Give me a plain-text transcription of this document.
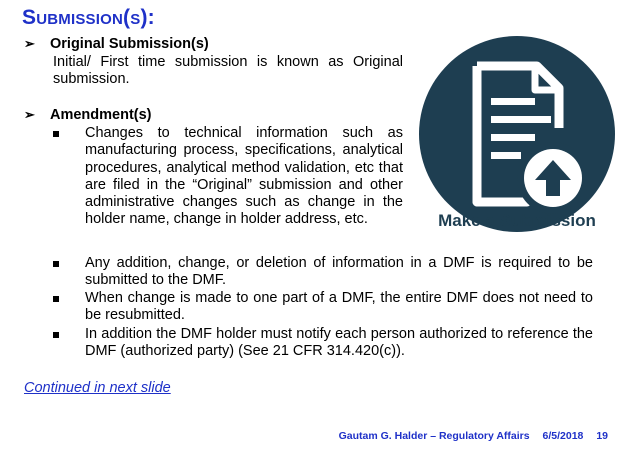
SUBMISSION(S):
➢	Original Submission(s)
Initial/ First time submission is known as Original submission.
➢	Amendment(s)
Changes to technical information such as manufacturing process, specifications, analytical procedures, analytical method validation, etc that are filed in the “Original” submission and other administrative changes such as change in the holder name, change in holder address, etc.
Any addition, change, or deletion of information in a DMF is required to be submitted to the DMF.
When change is made to one part of a DMF, the entire DMF does not need to be resubmitted.
In addition the DMF holder must notify each person authorized to reference the DMF (authorized party) (See 21 CFR 314.420(c)).
Continued in next slide
Make a Submission
Gautam G. Halder – Regulatory Affairs 6/5/2018 19
